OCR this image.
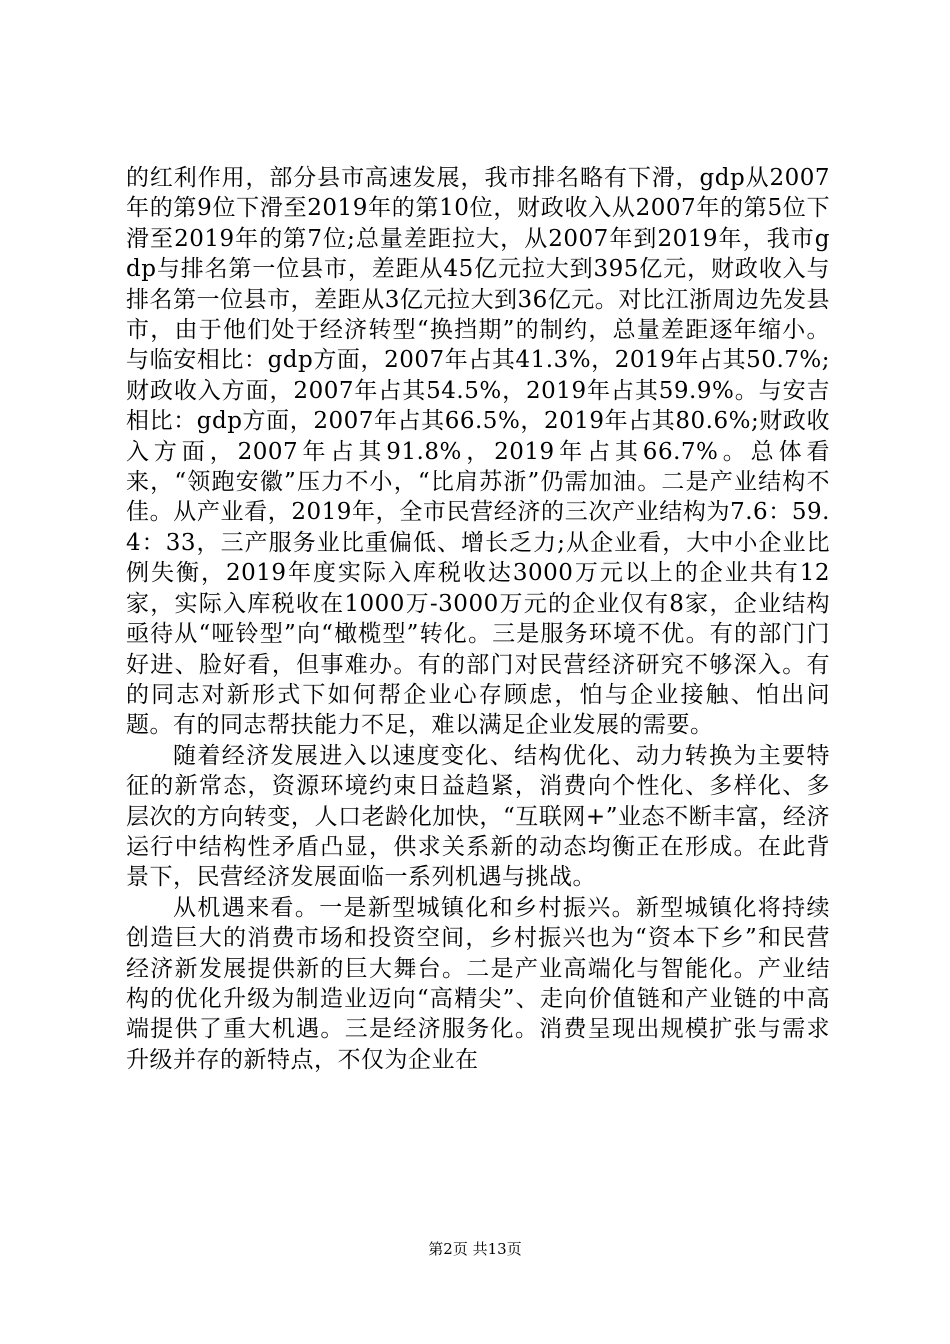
的红利作用，部分县市高速发展，我市排名略有下滑，gdp从2007年的第9位下滑至2019年的第10位，财政收入从2007年的第5位下滑至2019年的第7位;总量差距拉大，从2007年到2019年，我市gdp与排名第一位县市，差距从45亿元拉大到395亿元，财政收入与排名第一位县市，差距从3亿元拉大到36亿元。对比江浙周边先发县市，由于他们处于经济转型“换挡期”的制约，总量差距逐年缩小。与临安相比：gdp方面，2007年占其41.3%，2019年占其50.7%;财政收入方面，2007年占其54.5%，2019年占其59.9%。与安吉相比：gdp方面，2007年占其66.5%，2019年占其80.6%;财政收入方面，2007年占其91.8%，2019年占其66.7%。总体看来，“领跑安徽”压力不小，“比肩苏浙”仍需加油。二是产业结构不佳。从产业看，2019年，全市民营经济的三次产业结构为7.6：59.4：33，三产服务业比重偏低、增长乏力;从企业看，大中小企业比例失衡，2019年度实际入库税收达3000万元以上的企业共有12家，实际入库税收在1000万-3000万元的企业仅有8家，企业结构亟待从“哑铃型”向“橄榄型”转化。三是服务环境不优。有的部门门好进、脸好看，但事难办。有的部门对民营经济研究不够深入。有的同志对新形式下如何帮企业心存顾虑，怕与企业接触、怕出问题。有的同志帮扶能力不足，难以满足企业发展的需要。

随着经济发展进入以速度变化、结构优化、动力转换为主要特征的新常态，资源环境约束日益趋紧，消费向个性化、多样化、多层次的方向转变，人口老龄化加快，“互联网+”业态不断丰富，经济运行中结构性矛盾凸显，供求关系新的动态均衡正在形成。在此背景下，民营经济发展面临一系列机遇与挑战。

从机遇来看。一是新型城镇化和乡村振兴。新型城镇化将持续创造巨大的消费市场和投资空间，乡村振兴也为“资本下乡”和民营经济新发展提供新的巨大舞台。二是产业高端化与智能化。产业结构的优化升级为制造业迈向“高精尖”、走向价值链和产业链的中高端提供了重大机遇。三是经济服务化。消费呈现出规模扩张与需求升级并存的新特点，不仅为企业在

第2页 共13页
